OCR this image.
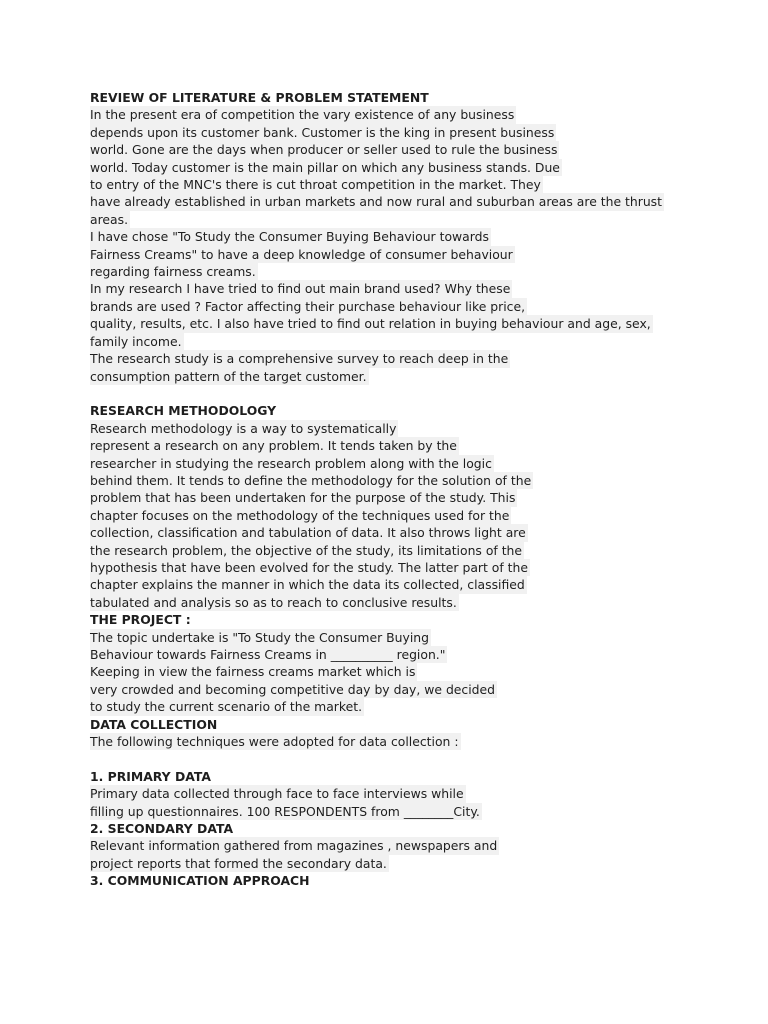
REVIEW OF LITERATURE & PROBLEM STATEMENT
In the present era of competition the vary existence of any business
depends upon its customer bank. Customer is the king in present business
world. Gone are the days when producer or seller used to rule the business
world. Today customer is the main pillar on which any business stands. Due
to entry of the MNC's there is cut throat competition in the market. They
have already established in urban markets and now rural and suburban areas are the thrust
areas.
I have chose "To Study the Consumer Buying Behaviour towards
Fairness Creams" to have a deep knowledge of consumer behaviour
regarding fairness creams.
In my research I have tried to find out main brand used? Why these
brands are used ? Factor affecting their purchase behaviour like price,
quality, results, etc. I also have tried to find out relation in buying behaviour and age, sex,
family income.
The research study is a comprehensive survey to reach deep in the
consumption pattern of the target customer.
RESEARCH METHODOLOGY
Research methodology is a way to systematically
represent a research on any problem. It tends taken by the
researcher in studying the research problem along with the logic
behind them. It tends to define the methodology for the solution of the
problem that has been undertaken for the purpose of the study. This
chapter focuses on the methodology of the techniques used for the
collection, classification and tabulation of data. It also throws light are
the research problem, the objective of the study, its limitations of the
hypothesis that have been evolved for the study. The latter part of the
chapter explains the manner in which the data its collected, classified
tabulated and analysis so as to reach to conclusive results.
THE PROJECT :
The topic undertake is "To Study the Consumer Buying
Behaviour towards Fairness Creams in __________ region."
Keeping in view the fairness creams market which is
very crowded and becoming competitive day by day, we decided
to study the current scenario of the market.
DATA COLLECTION
The following techniques were adopted for data collection :
1. PRIMARY DATA
Primary data collected through face to face interviews while
filling up questionnaires. 100 RESPONDENTS from ________City.
2. SECONDARY DATA
Relevant information gathered from magazines , newspapers and
project reports that formed the secondary data.
3. COMMUNICATION APPROACH
